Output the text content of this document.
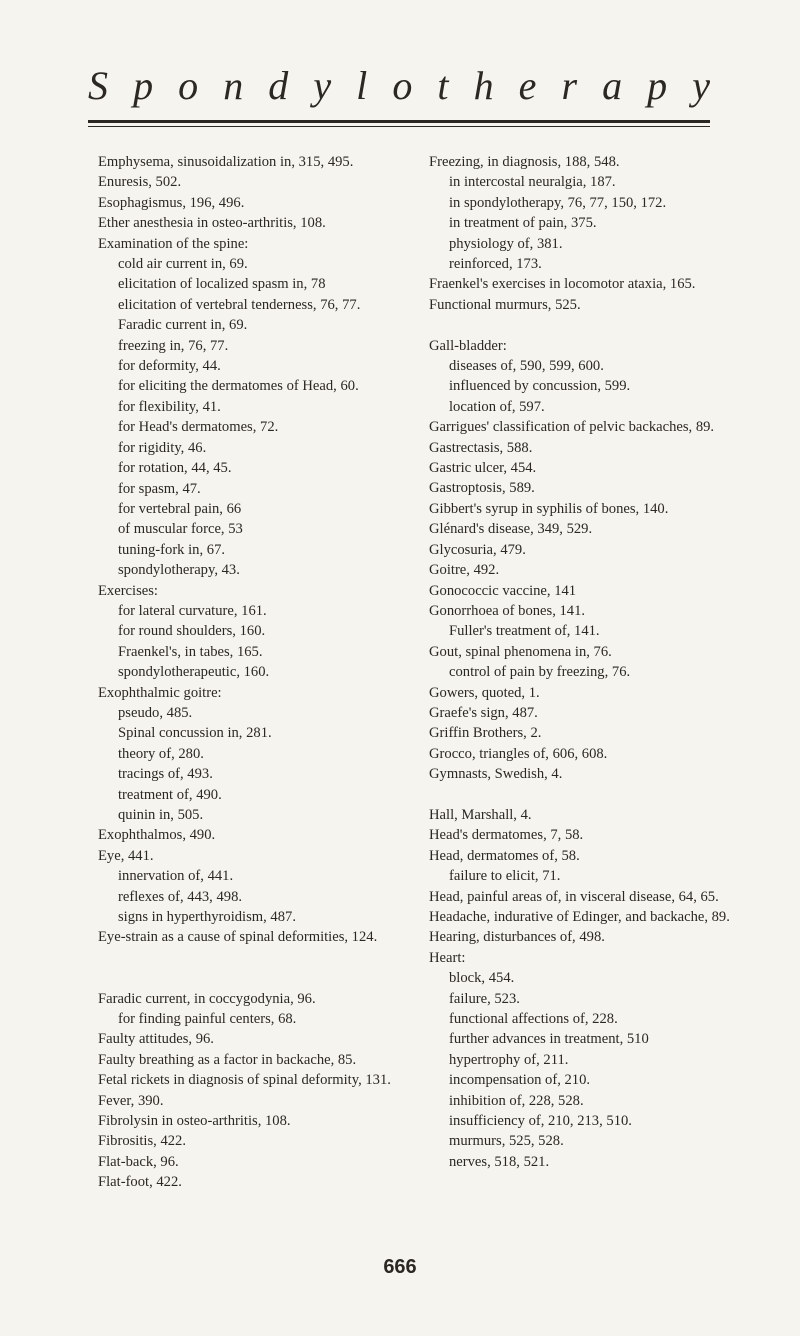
S p o n d y l o t h e r a p y

Emphysema, sinusoidalization in, 315, 495.

Enuresis, 502.

Esophagismus, 196, 496.

Ether anesthesia in osteo-arthritis, 108.

Examination of the spine:

cold air current in, 69.

elicitation of localized spasm in, 78

elicitation of vertebral tenderness, 76, 77.

Faradic current in, 69.

freezing in, 76, 77.

for deformity, 44.

for eliciting the dermatomes of Head, 60.

for flexibility, 41.

for Head's dermatomes, 72.

for rigidity, 46.

for rotation, 44, 45.

for spasm, 47.

for vertebral pain, 66

of muscular force, 53

tuning-fork in, 67.

spondylotherapy, 43.

Exercises:

for lateral curvature, 161.

for round shoulders, 160.

Fraenkel's, in tabes, 165.

spondylotherapeutic, 160.

Exophthalmic goitre:

pseudo, 485.

Spinal concussion in, 281.

theory of, 280.

tracings of, 493.

treatment of, 490.

quinin in, 505.

Exophthalmos, 490.

Eye, 441.

innervation of, 441.

reflexes of, 443, 498.

signs in hyperthyroidism, 487.

Eye-strain as a cause of spinal deformities, 124.

Faradic current, in coccygodynia, 96.

for finding painful centers, 68.

Faulty attitudes, 96.

Faulty breathing as a factor in backache, 85.

Fetal rickets in diagnosis of spinal deformity, 131.

Fever, 390.

Fibrolysin in osteo-arthritis, 108.

Fibrositis, 422.

Flat-back, 96.

Flat-foot, 422.

Freezing, in diagnosis, 188, 548.

in intercostal neuralgia, 187.

in spondylotherapy, 76, 77, 150, 172.

in treatment of pain, 375.

physiology of, 381.

reinforced, 173.

Fraenkel's exercises in locomotor ataxia, 165.

Functional murmurs, 525.

Gall-bladder:

diseases of, 590, 599, 600.

influenced by concussion, 599.

location of, 597.

Garrigues' classification of pelvic backaches, 89.

Gastrectasis, 588.

Gastric ulcer, 454.

Gastroptosis, 589.

Gibbert's syrup in syphilis of bones, 140.

Glénard's disease, 349, 529.

Glycosuria, 479.

Goitre, 492.

Gonococcic vaccine, 141

Gonorrhoea of bones, 141.

Fuller's treatment of, 141.

Gout, spinal phenomena in, 76.

control of pain by freezing, 76.

Gowers, quoted, 1.

Graefe's sign, 487.

Griffin Brothers, 2.

Grocco, triangles of, 606, 608.

Gymnasts, Swedish, 4.

Hall, Marshall, 4.

Head's dermatomes, 7, 58.

Head, dermatomes of, 58.

failure to elicit, 71.

Head, painful areas of, in visceral disease, 64, 65.

Headache, indurative of Edinger, and backache, 89.

Hearing, disturbances of, 498.

Heart:

block, 454.

failure, 523.

functional affections of, 228.

further advances in treatment, 510

hypertrophy of, 211.

incompensation of, 210.

inhibition of, 228, 528.

insufficiency of, 210, 213, 510.

murmurs, 525, 528.

nerves, 518, 521.

666
